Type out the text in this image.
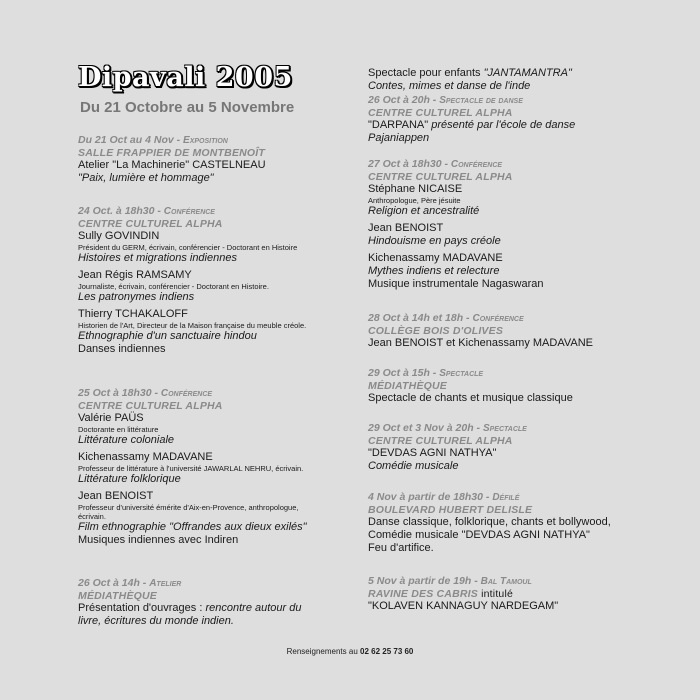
Dipavali 2005
Du 21 Octobre au 5 Novembre
Du 21 Oct au 4 Nov - Exposition
SALLE FRAPPIER DE MONTBENOÎT
Atelier "La Machinerie" CASTELNEAU
"Paix, lumière et hommage"
24 Oct. à 18h30 - Conférence
CENTRE CULTUREL ALPHA
Sully GOVINDIN
Président du GERM, écrivain, conférencier - Doctorant en Histoire
Histoires et migrations indiennes
Jean Régis RAMSAMY
Journaliste, écrivain, conférencier - Doctorant en Histoire.
Les patronymes indiens
Thierry TCHAKALOFF
Historien de l'Art, Directeur de la Maison française du meuble créole.
Ethnographie d'un sanctuaire hindou
Danses indiennes
25 Oct à 18h30 - Conférence
CENTRE CULTUREL ALPHA
Valérie PAÜS
Doctorante en littérature
Littérature coloniale
Kichenassamy MADAVANE
Professeur de littérature à l'université JAWARLAL NEHRU, écrivain.
Littérature folklorique
Jean BENOIST
Professeur d'université émérite d'Aix-en-Provence, anthropologue,
écrivain.
Film ethnographie "Offrandes aux dieux exilés"
Musiques indiennes avec Indiren
26 Oct à 14h - Atelier
MÉDIATHÈQUE
Présentation d'ouvrages : rencontre autour du
livre, écritures du monde indien.
Spectacle pour enfants "JANTAMANTRA"
Contes, mimes et danse de l'inde
26 Oct à 20h - Spectacle de danse
CENTRE CULTUREL ALPHA
"DARPANA" présenté par l'école de danse
Pajaniappen
27 Oct à 18h30 - Conférence
CENTRE CULTUREL ALPHA
Stéphane NICAISE
Anthropologue, Père jésuite
Religion et ancestralité
Jean BENOIST
Hindouisme en pays créole
Kichenassamy MADAVANE
Mythes indiens et relecture
Musique instrumentale Nagaswaran
28 Oct à 14h et 18h - Conférence
COLLÈGE BOIS D'OLIVES
Jean BENOIST et Kichenassamy MADAVANE
29 Oct à 15h - Spectacle
MÉDIATHÈQUE
Spectacle de chants et musique classique
29 Oct et 3 Nov à 20h - Spectacle
CENTRE CULTUREL ALPHA
"DEVDAS AGNI NATHYA"
Comédie musicale
4 Nov à partir de 18h30 - Défilé
BOULEVARD HUBERT DELISLE
Danse classique, folklorique, chants et bollywood,
Comédie musicale "DEVDAS AGNI NATHYA"
Feu d'artifice.
5 Nov à partir de 19h - Bal Tamoul
RAVINE DES CABRIS intitulé
"KOLAVEN KANNAGUY NARDEGAM"
Renseignements au 02 62 25 73 60
